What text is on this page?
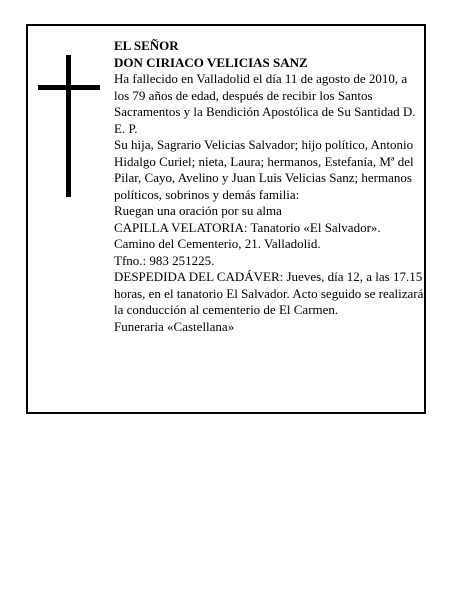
EL SEÑOR

DON CIRIACO VELICIAS SANZ

Ha fallecido en Valladolid el día 11 de agosto de 2010, a los 79 años de edad, después de recibir los Santos Sacramentos y la Bendición Apostólica de Su Santidad D. E. P.

Su hija, Sagrario Velicias Salvador; hijo político, Antonio Hidalgo Curiel; nieta, Laura; hermanos, Estefanía, Mª del Pilar, Cayo, Avelino y Juan Luis Velicias Sanz; hermanos políticos, sobrinos y demás familia:

Ruegan una oración por su alma

CAPILLA VELATORIA: Tanatorio «El Salvador». Camino del Cementerio, 21. Valladolid.

Tfno.: 983 251225.

DESPEDIDA DEL CADÁVER: Jueves, día 12, a las 17.15 horas, en el tanatorio El Salvador. Acto seguido se realizará la conducción al cementerio de El Carmen.

Funeraria «Castellana»
